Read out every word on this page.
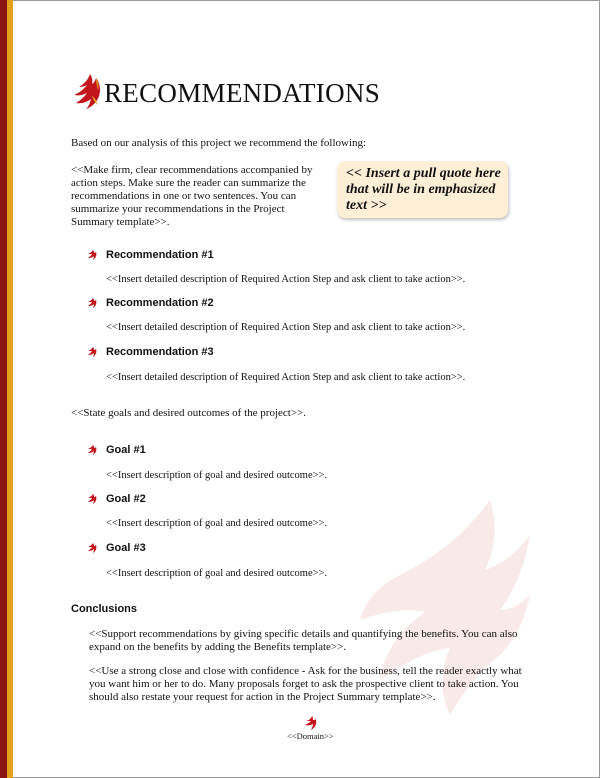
RECOMMENDATIONS

Based on our analysis of this project we recommend the following:

<<Make firm, clear recommendations accompanied by action steps. Make sure the reader can summarize the recommendations in one or two sentences. You can summarize your recommendations in the Project Summary template>>.

<< Insert a pull quote here that will be in emphasized text >>

Recommendation #1

<<Insert detailed description of Required Action Step and ask client to take action>>.

Recommendation #2

<<Insert detailed description of Required Action Step and ask client to take action>>.

Recommendation #3

<<Insert detailed description of Required Action Step and ask client to take action>>.

<<State goals and desired outcomes of the project>>.

Goal #1

<<Insert description of goal and desired outcome>>.

Goal #2

<<Insert description of goal and desired outcome>>.

Goal #3

<<Insert description of goal and desired outcome>>.

Conclusions

<<Support recommendations by giving specific details and quantifying the benefits. You can also expand on the benefits by adding the Benefits template>>.

<<Use a strong close and close with confidence - Ask for the business, tell the reader exactly what you want him or her to do. Many proposals forget to ask the prospective client to take action. You should also restate your request for action in the Project Summary template>>.

<<Domain>>
